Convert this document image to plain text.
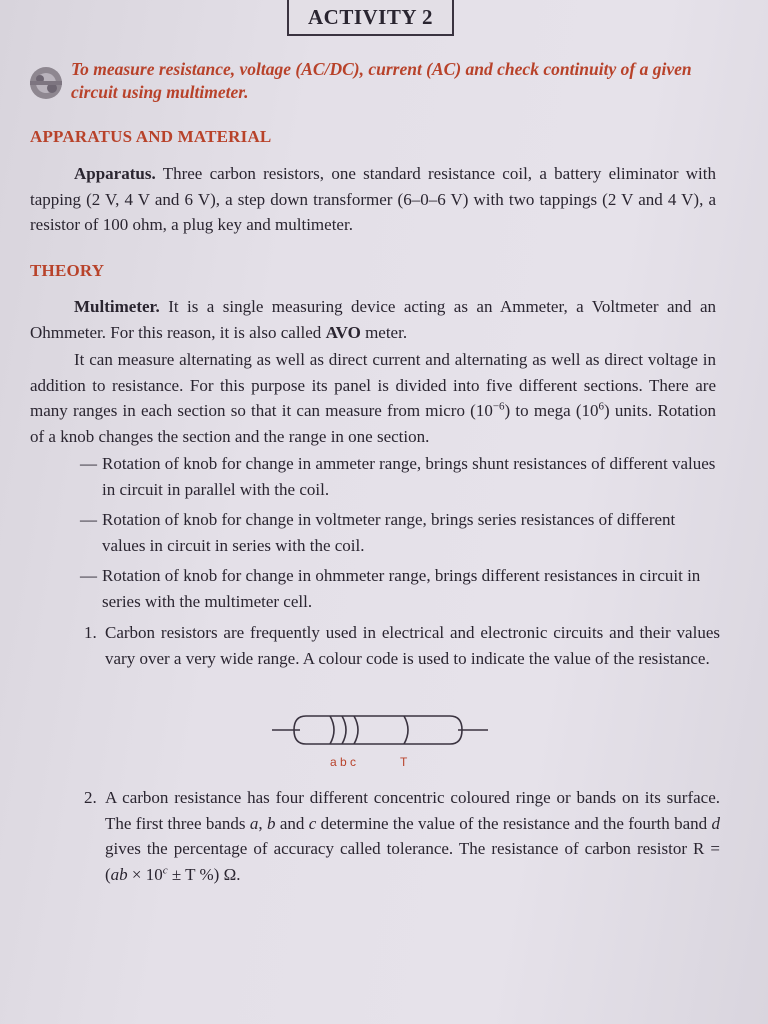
ACTIVITY 2
To measure resistance, voltage (AC/DC), current (AC) and check continuity of a given circuit using multimeter.
APPARATUS AND MATERIAL
Apparatus. Three carbon resistors, one standard resistance coil, a battery eliminator with tapping (2 V, 4 V and 6 V), a step down transformer (6–0–6 V) with two tappings (2 V and 4 V), a resistor of 100 ohm, a plug key and multimeter.
THEORY
Multimeter. It is a single measuring device acting as an Ammeter, a Voltmeter and an Ohmmeter. For this reason, it is also called AVO meter.
It can measure alternating as well as direct current and alternating as well as direct voltage in addition to resistance. For this purpose its panel is divided into five different sections. There are many ranges in each section so that it can measure from micro $(10^{-6})$ to mega $(10^6)$ units. Rotation of a knob changes the section and the range in one section.
— Rotation of knob for change in ammeter range, brings shunt resistances of different values in circuit in parallel with the coil.
— Rotation of knob for change in voltmeter range, brings series resistances of different values in circuit in series with the coil.
— Rotation of knob for change in ohmmeter range, brings different resistances in circuit in series with the multimeter cell.
1. Carbon resistors are frequently used in electrical and electronic circuits and their values vary over a very wide range. A colour code is used to indicate the value of the resistance.
a b c	T
2. A carbon resistance has four different concentric coloured ringe or bands on its surface. The first three bands a, b and c determine the value of the resistance and the fourth band d gives the percentage of accuracy called tolerance. The resistance of carbon resistor $R = (ab \times 10^c \pm T$ %) Ω.
